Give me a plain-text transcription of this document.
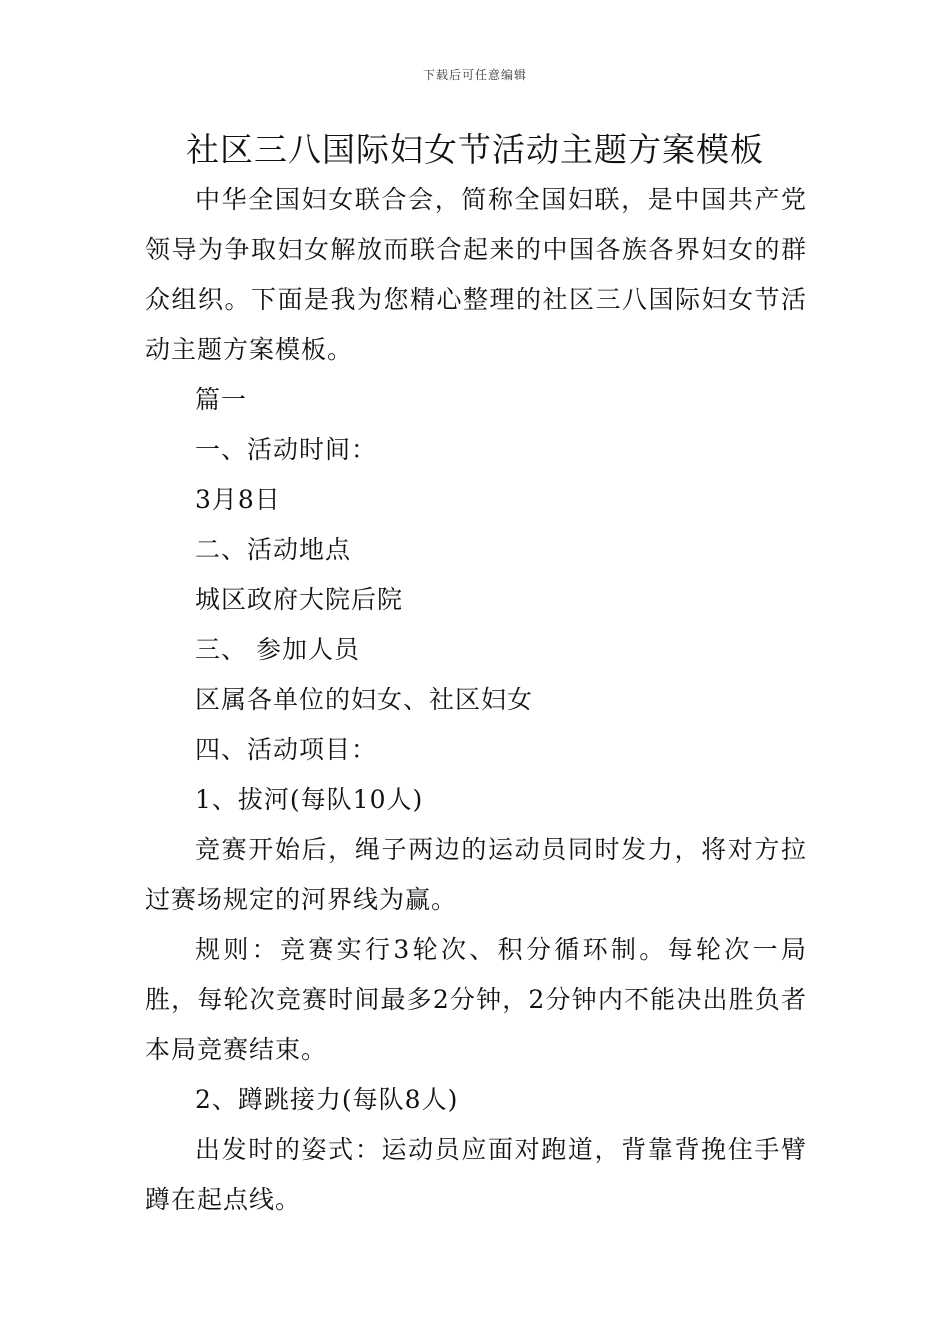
下载后可任意编辑
社区三八国际妇女节活动主题方案模板

中华全国妇女联合会，简称全国妇联，是中国共产党领导为争取妇女解放而联合起来的中国各族各界妇女的群众组织。下面是我为您精心整理的社区三八国际妇女节活动主题方案模板。

篇一

一、活动时间：

3月8日

二、活动地点

城区政府大院后院

三、 参加人员

区属各单位的妇女、社区妇女

四、活动项目：

1、拔河(每队10人)

竞赛开始后，绳子两边的运动员同时发力，将对方拉过赛场规定的河界线为赢。

规则：竞赛实行3轮次、积分循环制。每轮次一局胜，每轮次竞赛时间最多2分钟，2分钟内不能决出胜负者本局竞赛结束。

2、蹲跳接力(每队8人)

出发时的姿式：运动员应面对跑道，背靠背挽住手臂蹲在起点线。
